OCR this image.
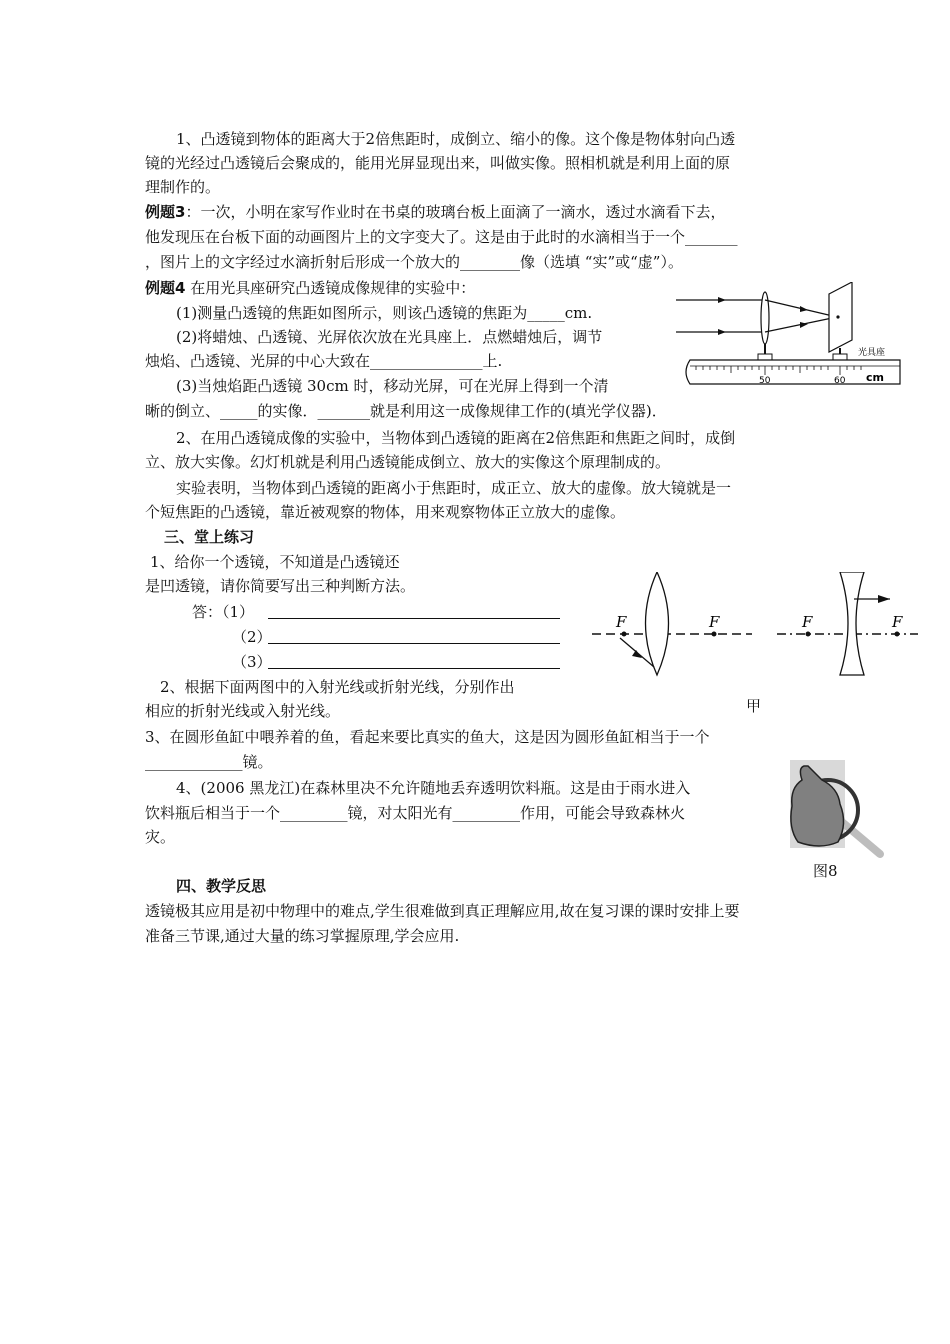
1、凸透镜到物体的距离大于2倍焦距时，成倒立、缩小的像。这个像是物体射向凸透
镜的光经过凸透镜后会聚成的，能用光屏显现出来，叫做实像。照相机就是利用上面的原
理制作的。
例题3：一次，小明在家写作业时在书桌的玻璃台板上面滴了一滴水，透过水滴看下去，
他发现压在台板下面的动画图片上的文字变大了。这是由于此时的水滴相当于一个_______
，图片上的文字经过水滴折射后形成一个放大的________像（选填 “实”或“虚”）。
例题4 在用光具座研究凸透镜成像规律的实验中：
(1)测量凸透镜的焦距如图所示，则该凸透镜的焦距为_____cm.
(2)将蜡烛、凸透镜、光屏依次放在光具座上．点燃蜡烛后，调节
烛焰、凸透镜、光屏的中心大致在_______________上.
(3)当烛焰距凸透镜 30cm 时，移动光屏，可在光屏上得到一个清
晰的倒立、_____的实像．_______就是利用这一成像规律工作的(填光学仪器)．
50	60 cm
光具座
2、在用凸透镜成像的实验中，当物体到凸透镜的距离在2倍焦距和焦距之间时，成倒
立、放大实像。幻灯机就是利用凸透镜能成倒立、放大的实像这个原理制成的。
实验表明，当物体到凸透镜的距离小于焦距时，成正立、放大的虚像。放大镜就是一
个短焦距的凸透镜，靠近被观察的物体，用来观察物体正立放大的虚像。
三、堂上练习
1、给你一个透镜，不知道是凸透镜还
是凹透镜，请你简要写出三种判断方法。
答：（1）
（2）
（3）
2、根据下面两图中的入射光线或折射光线，分别作出
相应的折射光线或入射光线。
F	F	F	F
甲
3、在圆形鱼缸中喂养着的鱼，看起来要比真实的鱼大，这是因为圆形鱼缸相当于一个
_____________镜。
4、(2006 黑龙江)在森林里决不允许随地丢弃透明饮料瓶。这是由于雨水进入
饮料瓶后相当于一个_________镜，对太阳光有_________作用，可能会导致森林火
灾。
图8
四、教学反思
透镜极其应用是初中物理中的难点,学生很难做到真正理解应用,故在复习课的课时安排上要
准备三节课,通过大量的练习掌握原理,学会应用.
